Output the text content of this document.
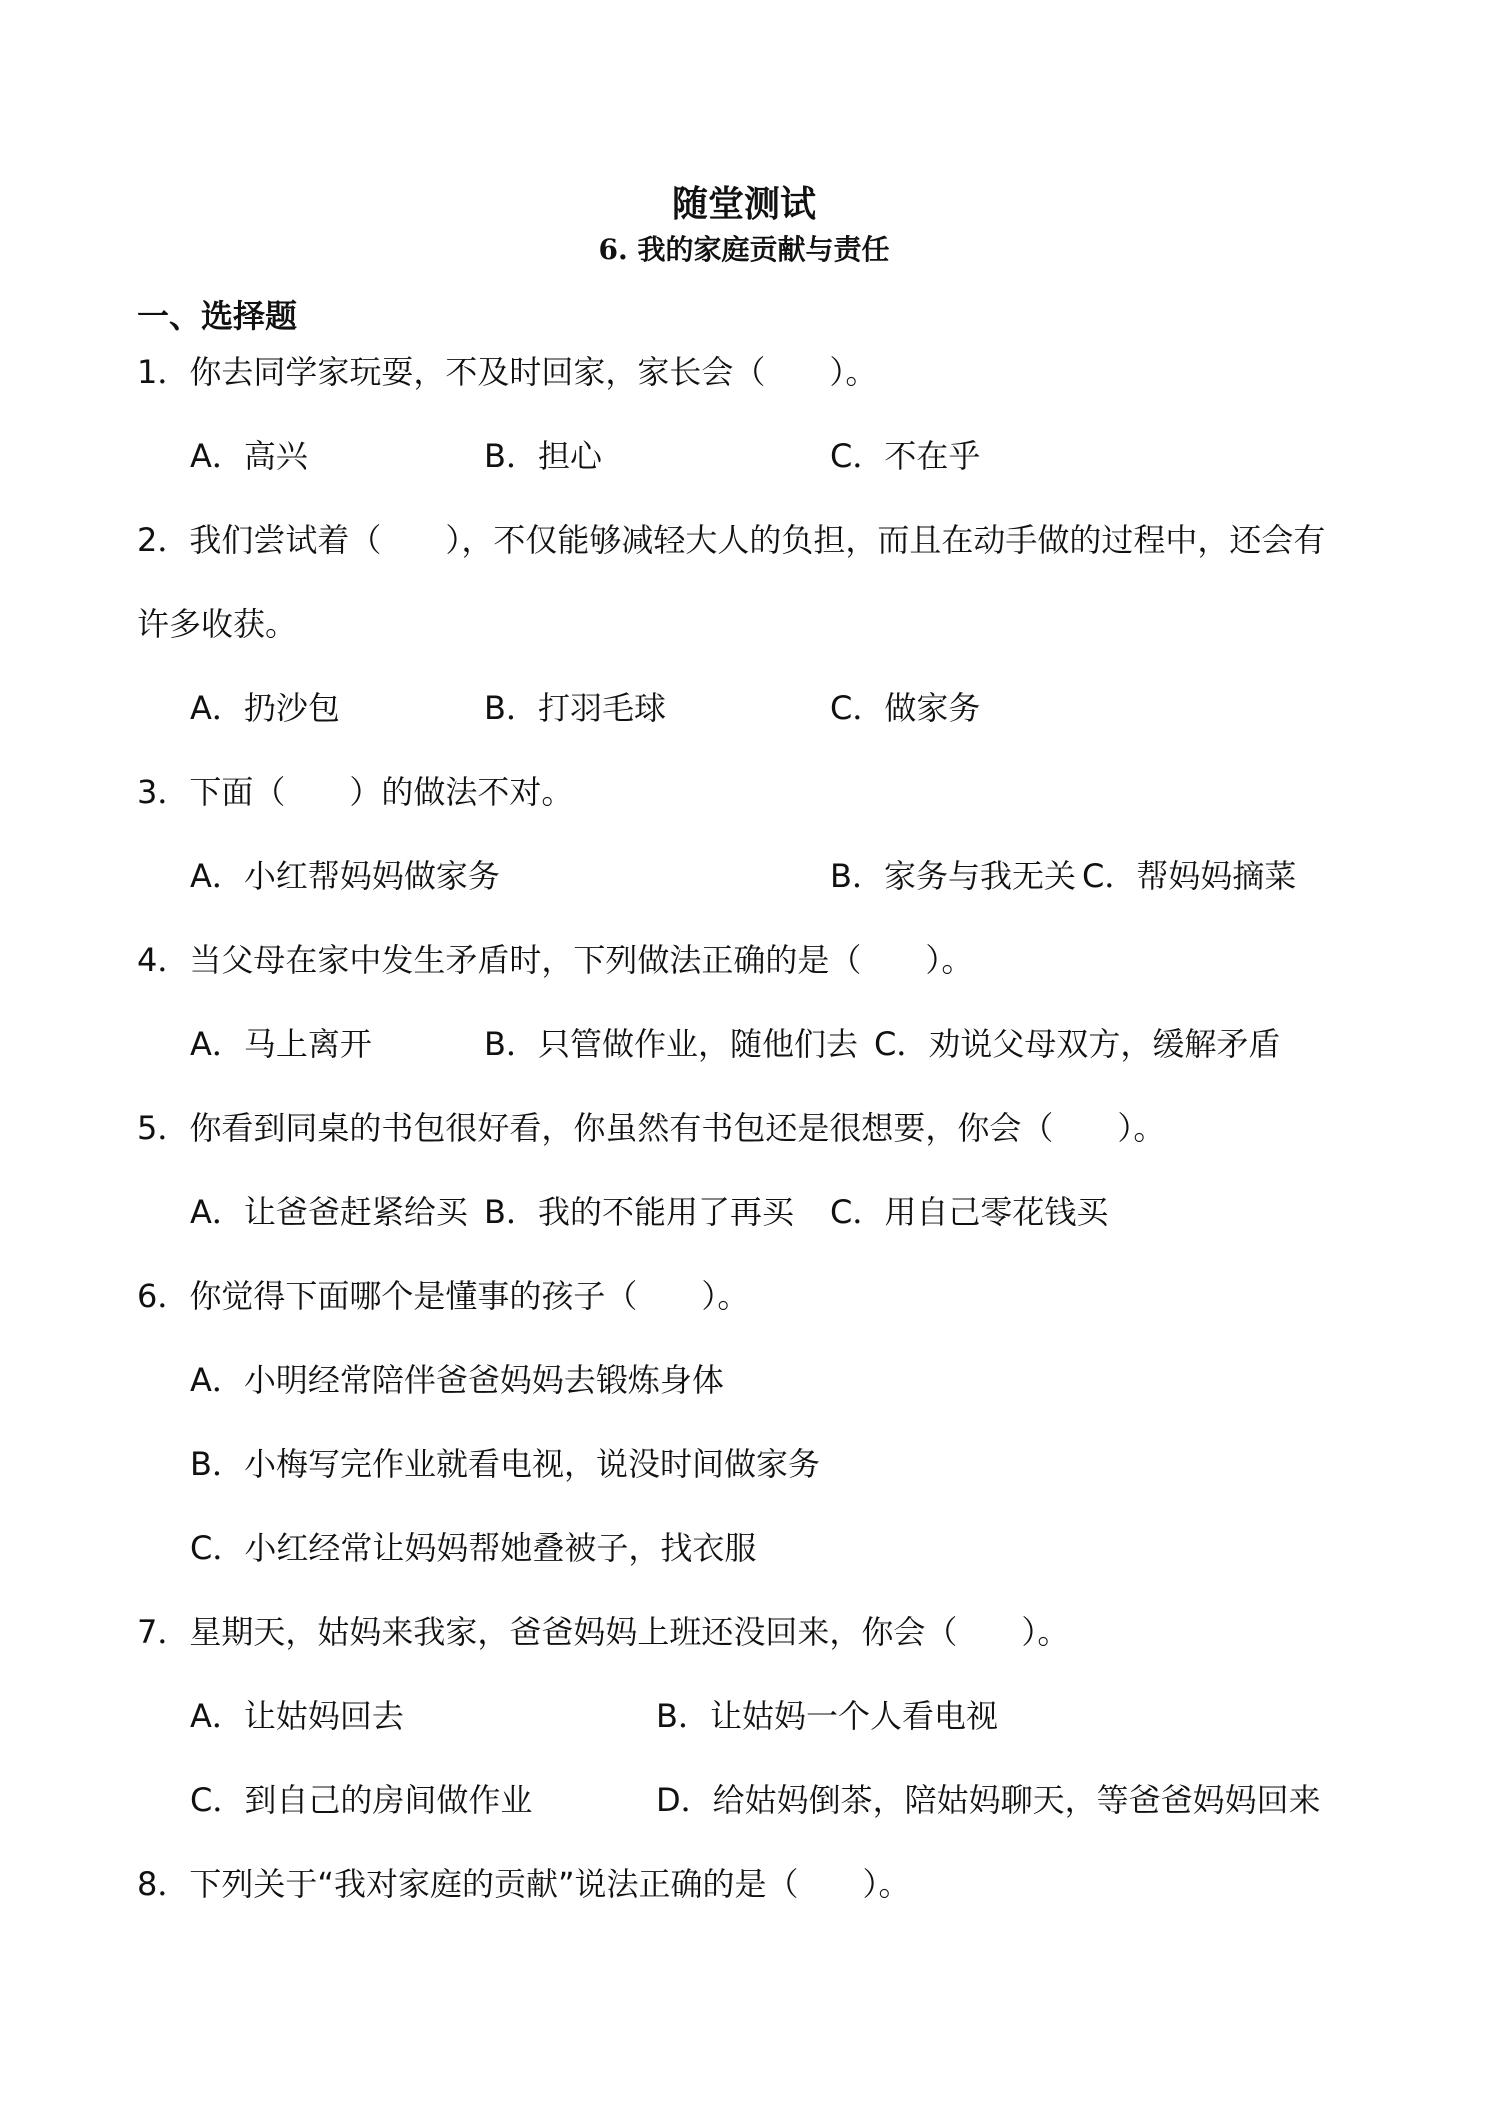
随堂测试
6. 我的家庭贡献与责任
一、选择题
1．你去同学家玩耍，不及时回家，家长会（　　）。
A．高兴	B．担心	C．不在乎
2．我们尝试着（　　），不仅能够减轻大人的负担，而且在动手做的过程中，还会有
许多收获。
A．扔沙包	B．打羽毛球	C．做家务
3．下面（　　）的做法不对。
A．小红帮妈妈做家务	B．家务与我无关 C．帮妈妈摘菜
4．当父母在家中发生矛盾时，下列做法正确的是（　　）。
A．马上离开	B．只管做作业，随他们去 C．劝说父母双方，缓解矛盾
5．你看到同桌的书包很好看，你虽然有书包还是很想要，你会（　　）。
A．让爸爸赶紧给买 B．我的不能用了再买 C．用自己零花钱买
6．你觉得下面哪个是懂事的孩子（　　）。
A．小明经常陪伴爸爸妈妈去锻炼身体
B．小梅写完作业就看电视，说没时间做家务
C．小红经常让妈妈帮她叠被子，找衣服
7．星期天，姑妈来我家，爸爸妈妈上班还没回来，你会（　　）。
A．让姑妈回去	B．让姑妈一个人看电视
C．到自己的房间做作业	D．给姑妈倒茶，陪姑妈聊天，等爸爸妈妈回来
8．下列关于“我对家庭的贡献”说法正确的是（　　）。
